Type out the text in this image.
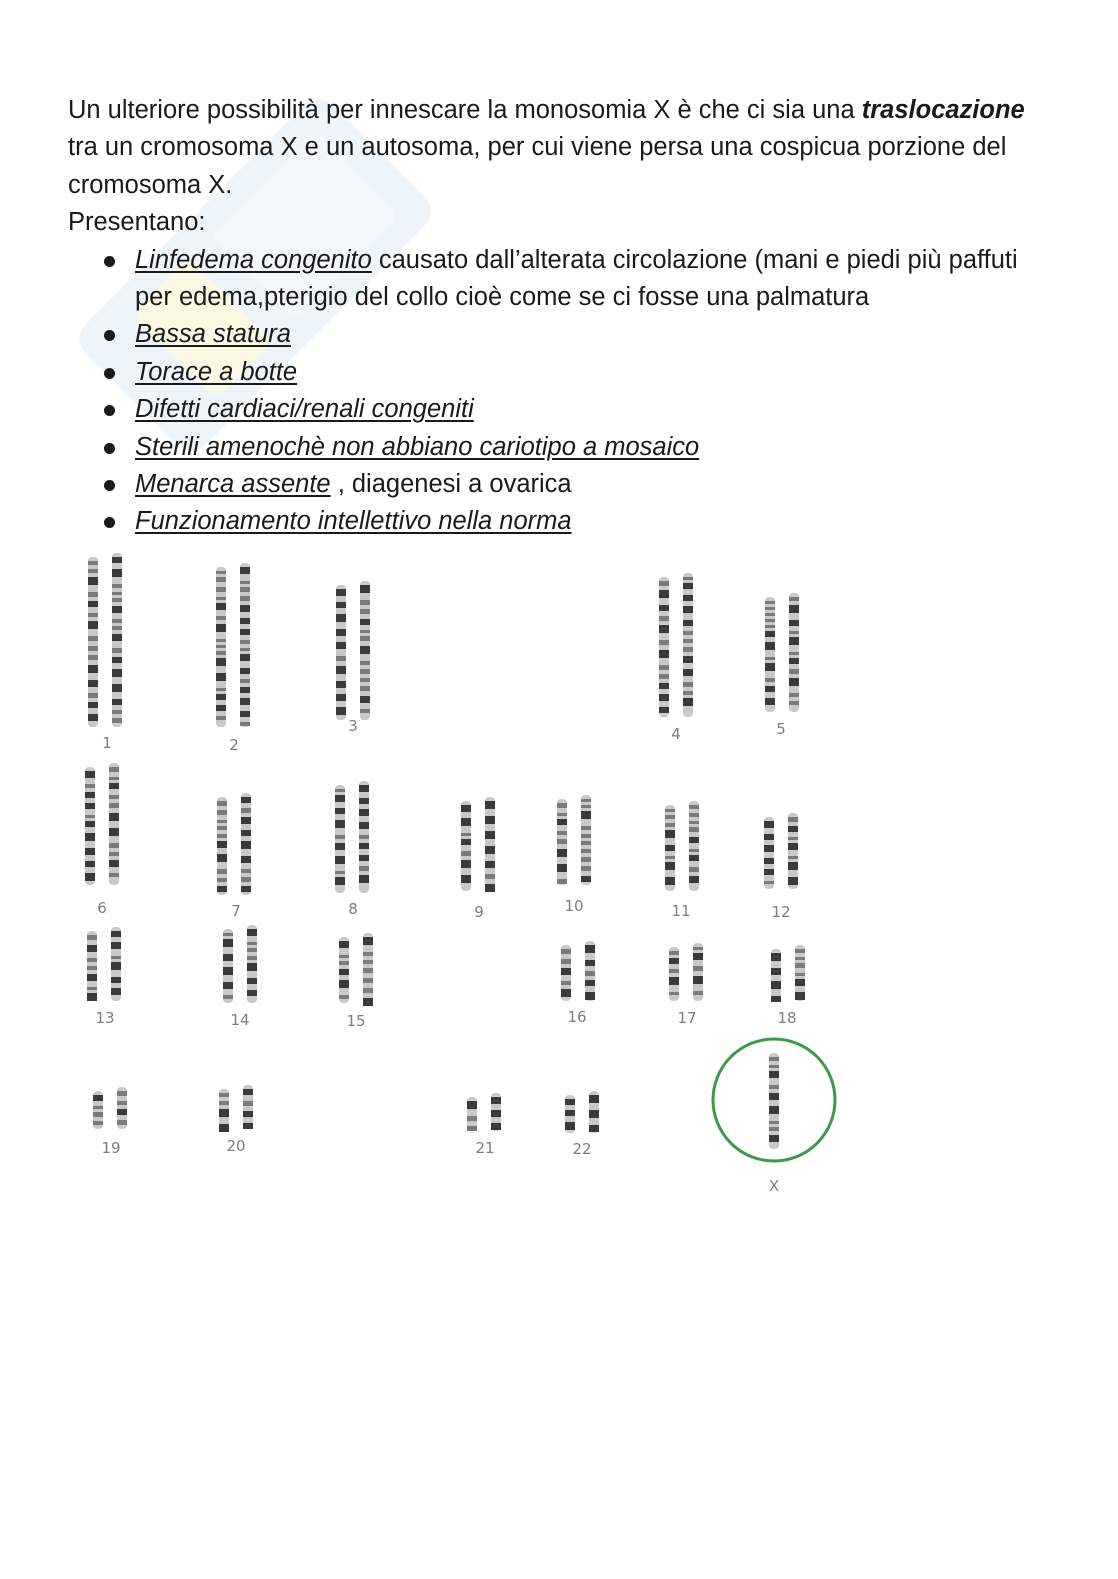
Un ulteriore possibilità per innescare la monosomia X è che ci sia una traslocazione tra un cromosoma X e un autosoma, per cui viene persa una cospicua porzione del cromosoma X.

Presentano:

Linfedema congenito causato dall’alterata circolazione (mani e piedi più paffuti per edema,pterigio del collo cioè come se ci fosse una palmatura
Bassa statura
Torace a botte
Difetti cardiaci/renali congeniti
Sterili amenochè non abbiano cariotipo a mosaico
Menarca assente , diagenesi a ovarica
Funzionamento intellettivo nella norma
1	2
3	4	5
6	7	8	9	10	11	12
13	14	15	16	17	18
19	20	21	22
X
